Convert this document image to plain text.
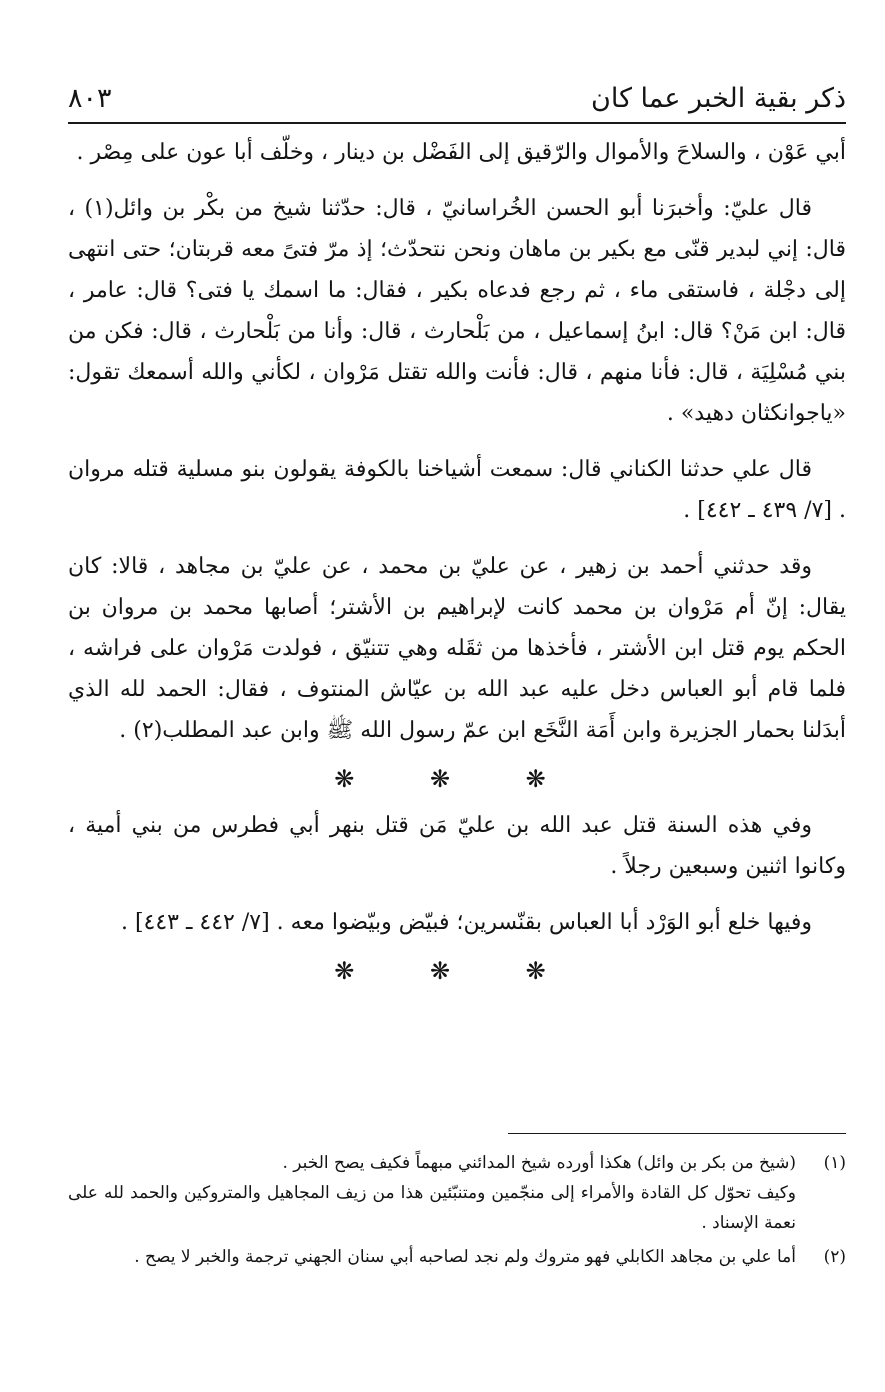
ذكر بقية الخبر عما كان
٨٠٣

أبي عَوْن ، والسلاحَ والأموال والرّقيق إلى الفَضْل بن دينار ، وخلّف أبا عون على مِصْر .

قال عليّ: وأخبرَنا أبو الحسن الخُراسانيّ ، قال: حدّثنا شيخ من بكْر بن وائل(١) ، قال: إني لبدير قنّى مع بكير بن ماهان ونحن نتحدّث؛ إذ مرّ فتىً معه قربتان؛ حتى انتهى إلى دجْلة ، فاستقى ماء ، ثم رجع فدعاه بكير ، فقال: ما اسمك يا فتى؟ قال: عامر ، قال: ابن مَنْ؟ قال: ابنُ إسماعيل ، من بَلْحارث ، قال: وأنا من بَلْحارث ، قال: فكن من بني مُسْلِيَة ، قال: فأنا منهم ، قال: فأنت والله تقتل مَرْوان ، لكأني والله أسمعك تقول: «ياجوانكثان دهيد» .

قال علي حدثنا الكناني قال: سمعت أشياخنا بالكوفة يقولون بنو مسلية قتله مروان . [٧/ ٤٣٩ ـ ٤٤٢] .

وقد حدثني أحمد بن زهير ، عن عليّ بن محمد ، عن عليّ بن مجاهد ، قالا: كان يقال: إنّ أم مَرْوان بن محمد كانت لإبراهيم بن الأشتر؛ أصابها محمد بن مروان بن الحكم يوم قتل ابن الأشتر ، فأخذها من ثقَله وهي تتنيّق ، فولدت مَرْوان على فراشه ، فلما قام أبو العباس دخل عليه عبد الله بن عيّاش المنتوف ، فقال: الحمد لله الذي أبدَلنا بحمار الجزيرة وابن أَمَة النَّخَع ابن عمّ رسول الله ﷺ وابن عبد المطلب(٢) .

❋ ❋ ❋

وفي هذه السنة قتل عبد الله بن عليّ مَن قتل بنهر أبي فطرس من بني أمية ، وكانوا اثنين وسبعين رجلاً .

وفيها خلع أبو الوَرْد أبا العباس بقنّسرين؛ فبيّض وبيّضوا معه . [٧/ ٤٤٢ ـ ٤٤٣] .

❋ ❋ ❋
(١)
(شيخ من بكر بن وائل) هكذا أورده شيخ المدائني مبهماً فكيف يصح الخبر .
وكيف تحوّل كل القادة والأمراء إلى منجّمين ومتنبّئين هذا من زيف المجاهيل والمتروكين والحمد لله على نعمة الإسناد .
(٢)
أما علي بن مجاهد الكابلي فهو متروك ولم نجد لصاحبه أبي سنان الجهني ترجمة والخبر لا يصح .
